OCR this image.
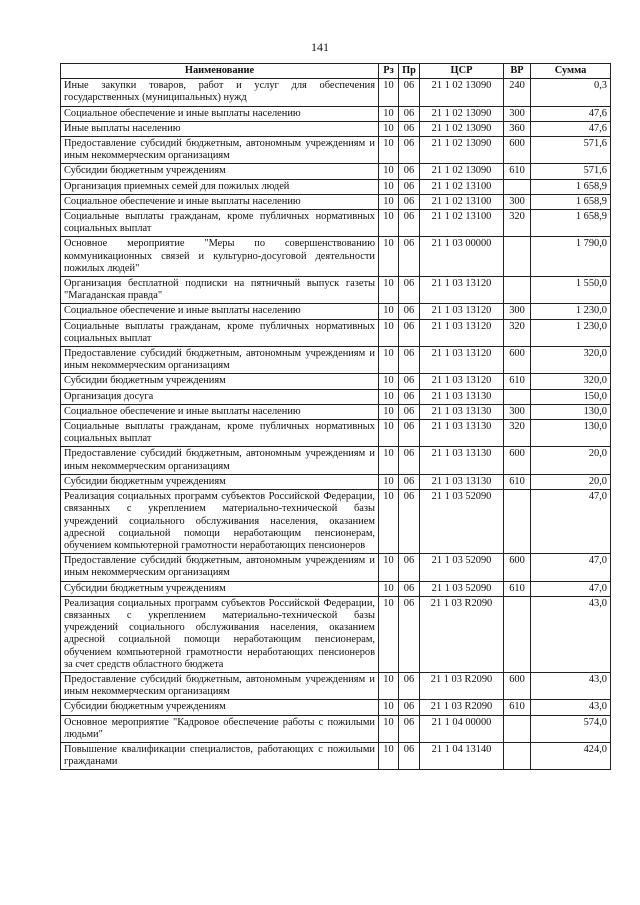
141
Наименование	Рз	Пр	ЦСР	ВР	Сумма
Иные закупки товаров, работ и услуг для обеспечения государственных (муниципальных) нужд	10	06	21 1 02 13090	240	0,3
Социальное обеспечение и иные выплаты населению	10	06	21 1 02 13090	300	47,6
Иные выплаты населению	10	06	21 1 02 13090	360	47,6
Предоставление субсидий бюджетным, автономным учреждениям и иным некоммерческим организациям	10	06	21 1 02 13090	600	571,6
Субсидии бюджетным учреждениям	10	06	21 1 02 13090	610	571,6
Организация приемных семей для пожилых людей	10	06	21 1 02 13100		1 658,9
Социальное обеспечение и иные выплаты населению	10	06	21 1 02 13100	300	1 658,9
Социальные выплаты гражданам, кроме публичных нормативных социальных выплат	10	06	21 1 02 13100	320	1 658,9
Основное мероприятие "Меры по совершенствованию коммуникационных связей и культурно-досуговой деятельности пожилых людей"	10	06	21 1 03 00000		1 790,0
Организация бесплатной подписки на пятничный выпуск газеты "Магаданская правда"	10	06	21 1 03 13120		1 550,0
Социальное обеспечение и иные выплаты населению	10	06	21 1 03 13120	300	1 230,0
Социальные выплаты гражданам, кроме публичных нормативных социальных выплат	10	06	21 1 03 13120	320	1 230,0
Предоставление субсидий бюджетным, автономным учреждениям и иным некоммерческим организациям	10	06	21 1 03 13120	600	320,0
Субсидии бюджетным учреждениям	10	06	21 1 03 13120	610	320,0
Организация досуга	10	06	21 1 03 13130		150,0
Социальное обеспечение и иные выплаты населению	10	06	21 1 03 13130	300	130,0
Социальные выплаты гражданам, кроме публичных нормативных социальных выплат	10	06	21 1 03 13130	320	130,0
Предоставление субсидий бюджетным, автономным учреждениям и иным некоммерческим организациям	10	06	21 1 03 13130	600	20,0
Субсидии бюджетным учреждениям	10	06	21 1 03 13130	610	20,0
Реализация социальных программ субъектов Российской Федерации, связанных с укреплением материально-технической базы учреждений социального обслуживания населения, оказанием адресной социальной помощи неработающим пенсионерам, обучением компьютерной грамотности неработающих пенсионеров	10	06	21 1 03 52090		47,0
Предоставление субсидий бюджетным, автономным учреждениям и иным некоммерческим организациям	10	06	21 1 03 52090	600	47,0
Субсидии бюджетным учреждениям	10	06	21 1 03 52090	610	47,0
Реализация социальных программ субъектов Российской Федерации, связанных с укреплением материально-технической базы учреждений социального обслуживания населения, оказанием адресной социальной помощи неработающим пенсионерам, обучением компьютерной грамотности неработающих пенсионеров за счет средств областного бюджета	10	06	21 1 03 R2090		43,0
Предоставление субсидий бюджетным, автономным учреждениям и иным некоммерческим организациям	10	06	21 1 03 R2090	600	43,0
Субсидии бюджетным учреждениям	10	06	21 1 03 R2090	610	43,0
Основное мероприятие "Кадровое обеспечение работы с пожилыми людьми"	10	06	21 1 04 00000		574,0
Повышение квалификации специалистов, работающих с пожилыми гражданами	10	06	21 1 04 13140		424,0
